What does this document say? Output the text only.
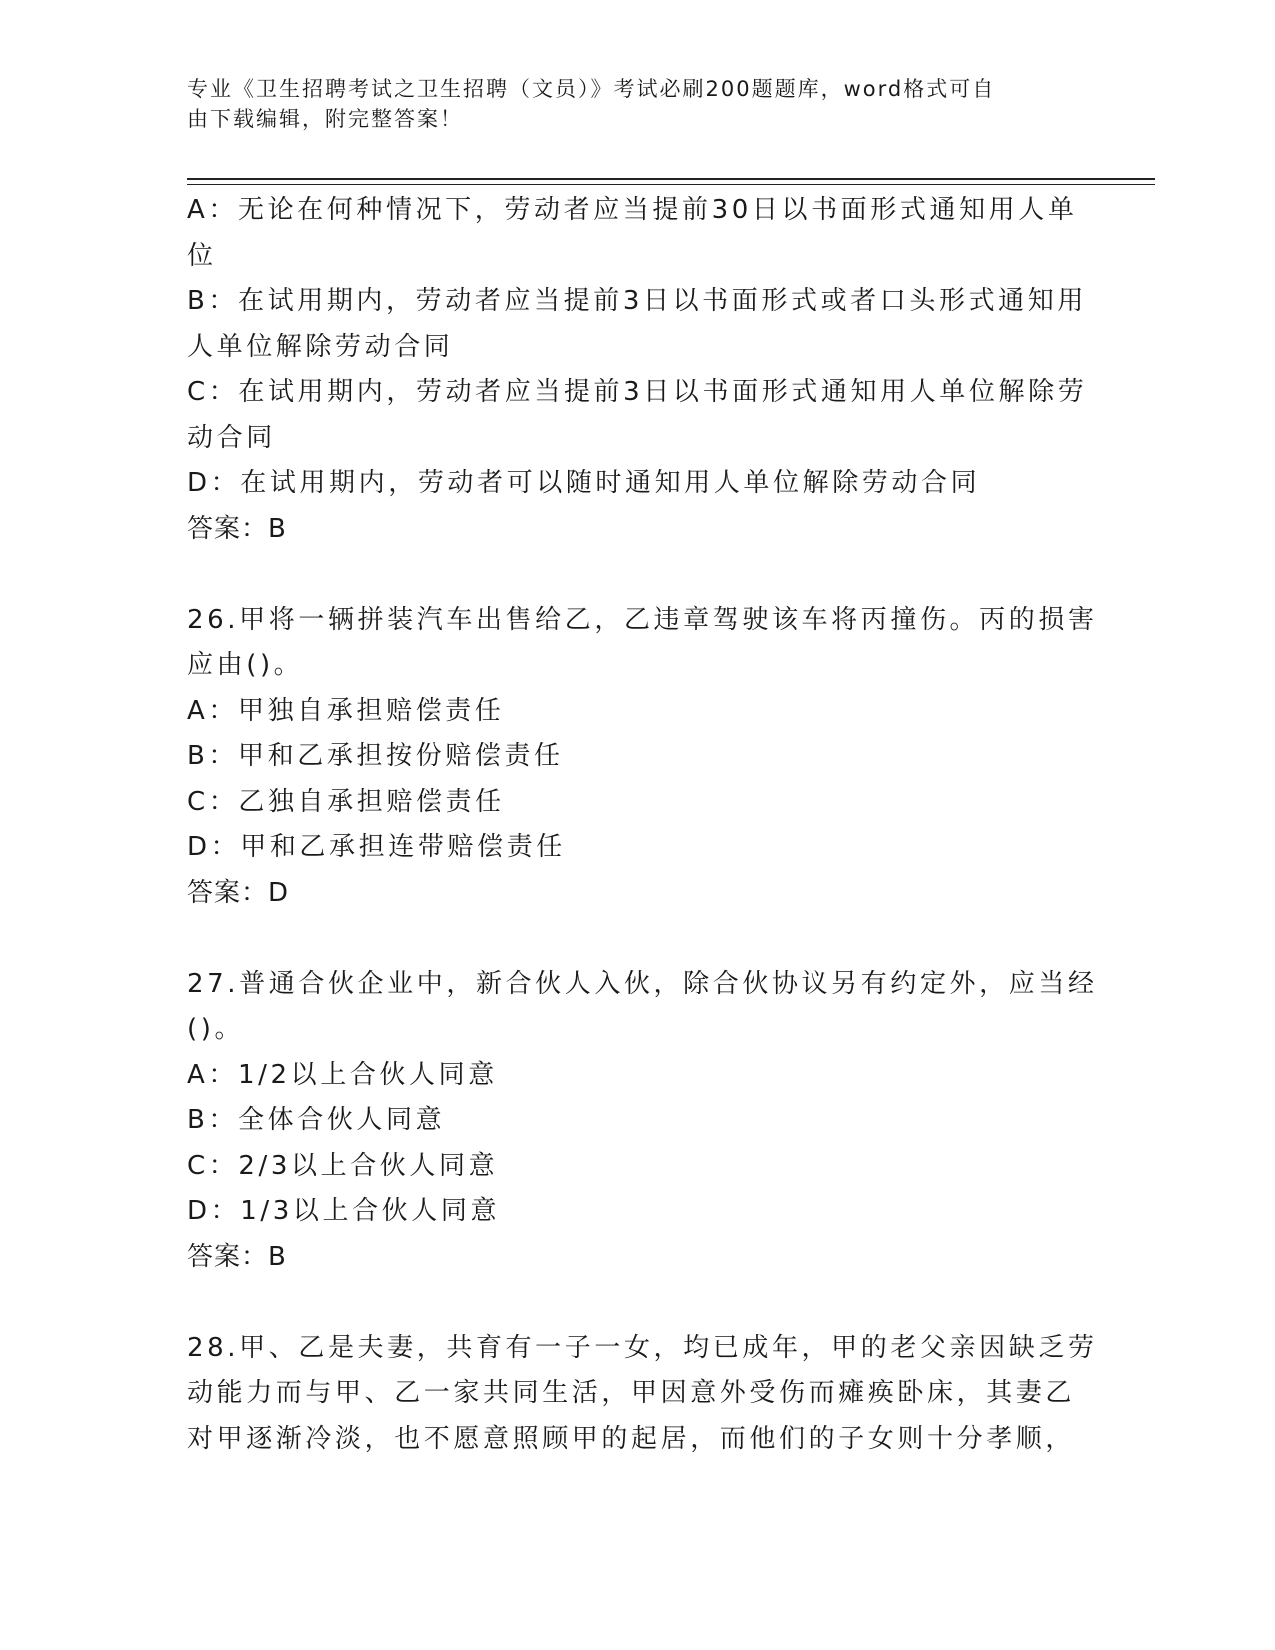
专业《卫生招聘考试之卫生招聘（文员）》考试必刷200题题库，word格式可自
由下载编辑，附完整答案！
A：无论在何种情况下，劳动者应当提前30日以书面形式通知用人单
位
B：在试用期内，劳动者应当提前3日以书面形式或者口头形式通知用
人单位解除劳动合同
C：在试用期内，劳动者应当提前3日以书面形式通知用人单位解除劳
动合同
D：在试用期内，劳动者可以随时通知用人单位解除劳动合同
答案：B
26.甲将一辆拼装汽车出售给乙，乙违章驾驶该车将丙撞伤。丙的损害
应由()。
A：甲独自承担赔偿责任
B：甲和乙承担按份赔偿责任
C：乙独自承担赔偿责任
D：甲和乙承担连带赔偿责任
答案：D
27.普通合伙企业中，新合伙人入伙，除合伙协议另有约定外，应当经
()。
A：1/2以上合伙人同意
B：全体合伙人同意
C：2/3以上合伙人同意
D：1/3以上合伙人同意
答案：B
28.甲、乙是夫妻，共育有一子一女，均已成年，甲的老父亲因缺乏劳
动能力而与甲、乙一家共同生活，甲因意外受伤而瘫痪卧床，其妻乙
对甲逐渐冷淡，也不愿意照顾甲的起居，而他们的子女则十分孝顺，
